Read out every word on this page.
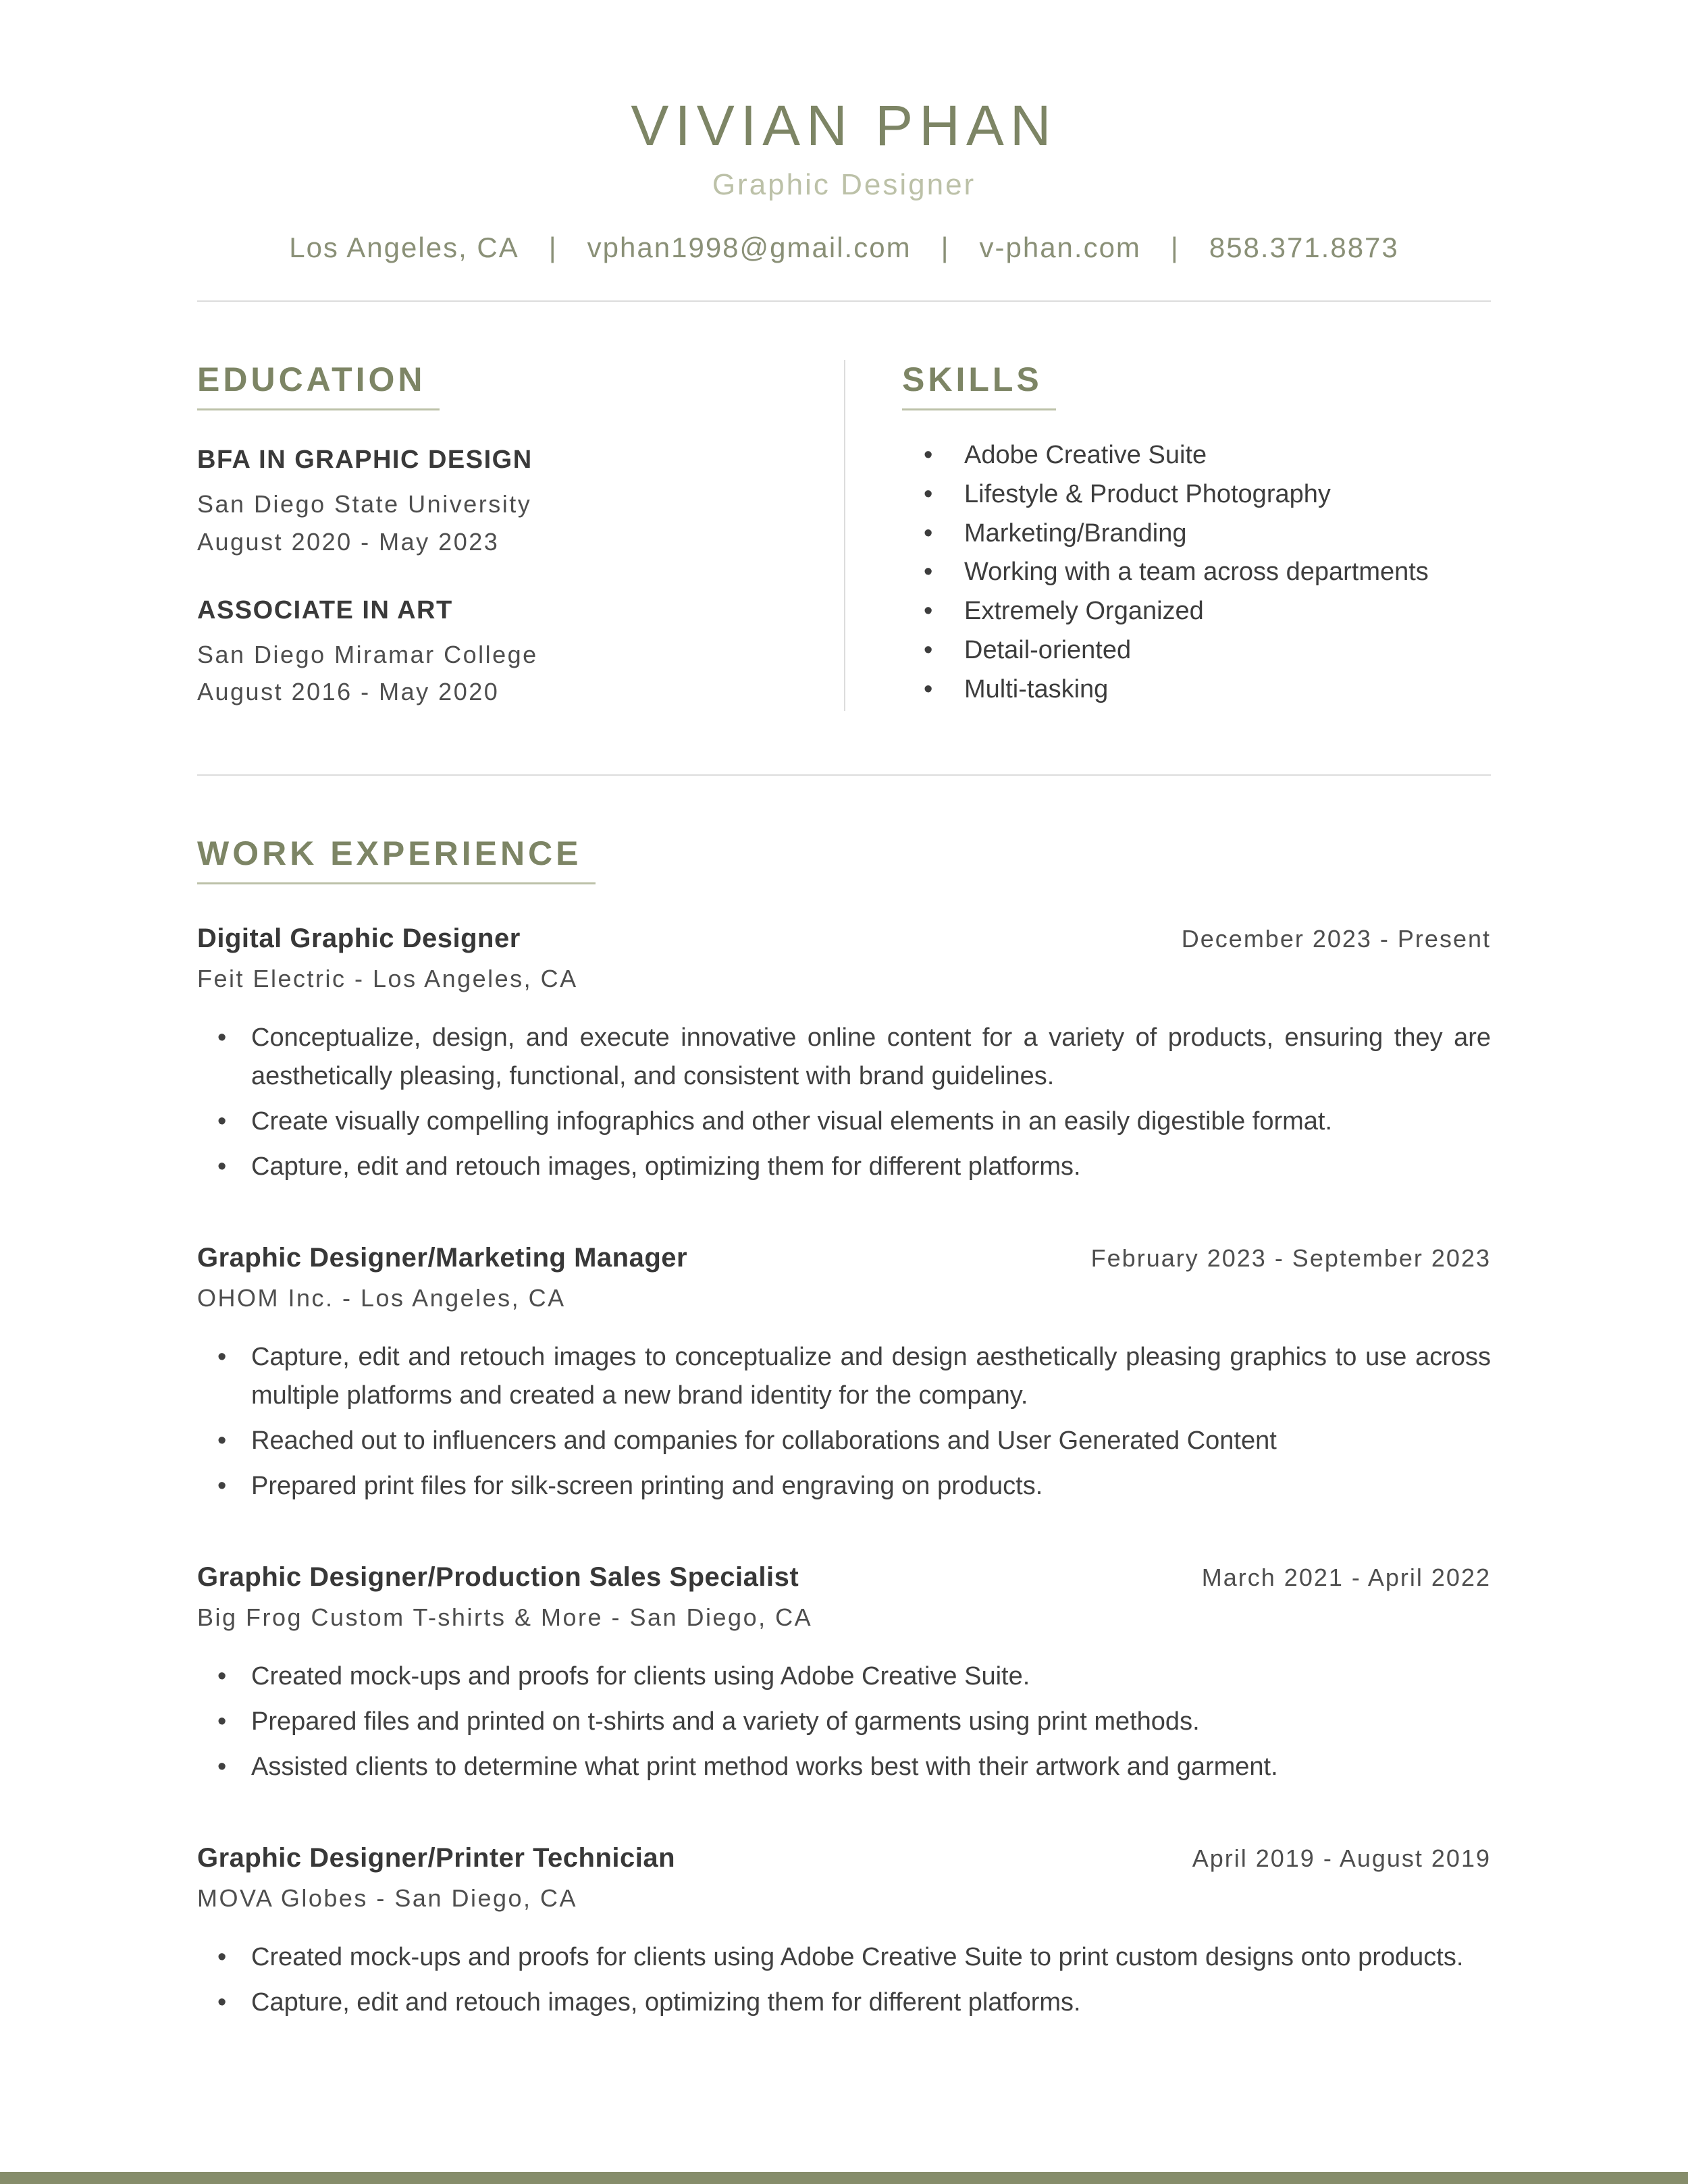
VIVIAN PHAN
Graphic Designer
Los Angeles, CA | vphan1998@gmail.com | v-phan.com | 858.371.8873
EDUCATION
BFA IN GRAPHIC DESIGN
San Diego State University
August 2020 - May 2023
ASSOCIATE IN ART
San Diego Miramar College
August 2016 - May 2020
SKILLS
• Adobe Creative Suite
• Lifestyle & Product Photography
• Marketing/Branding
• Working with a team across departments
• Extremely Organized
• Detail-oriented
• Multi-tasking
WORK EXPERIENCE
Digital Graphic Designer	December 2023 - Present
Feit Electric - Los Angeles, CA
• Conceptualize, design, and execute innovative online content for a variety of products, ensuring they are aesthetically pleasing, functional, and consistent with brand guidelines.
• Create visually compelling infographics and other visual elements in an easily digestible format.
• Capture, edit and retouch images, optimizing them for different platforms.
Graphic Designer/Marketing Manager	February 2023 - September 2023
OHOM Inc. - Los Angeles, CA
• Capture, edit and retouch images to conceptualize and design aesthetically pleasing graphics to use across multiple platforms and created a new brand identity for the company.
• Reached out to influencers and companies for collaborations and User Generated Content
• Prepared print files for silk-screen printing and engraving on products.
Graphic Designer/Production Sales Specialist	March 2021 - April 2022
Big Frog Custom T-shirts & More - San Diego, CA
• Created mock-ups and proofs for clients using Adobe Creative Suite.
• Prepared files and printed on t-shirts and a variety of garments using print methods.
• Assisted clients to determine what print method works best with their artwork and garment.
Graphic Designer/Printer Technician	April 2019 - August 2019
MOVA Globes - San Diego, CA
• Created mock-ups and proofs for clients using Adobe Creative Suite to print custom designs onto products.
• Capture, edit and retouch images, optimizing them for different platforms.
